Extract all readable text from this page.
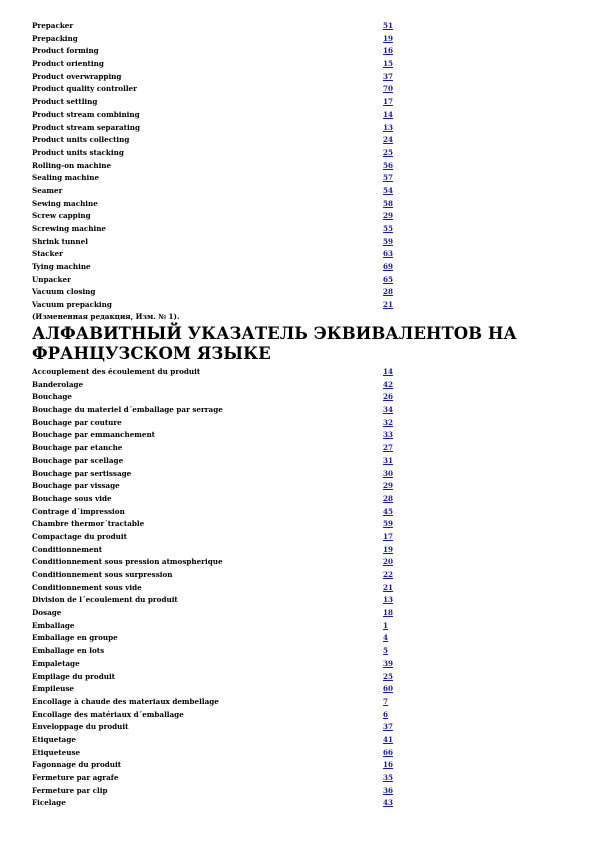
Prepacker	51
Prepacking	19
Product forming	16
Product orienting	15
Product overwrapping	37
Product quality controller	70
Product settling	17
Product stream combining	14
Product stream separating	13
Product units collecting	24
Product units stacking	25
Rolling-on machine	56
Sealing machine	57
Seamer	54
Sewing machine	58
Screw capping	29
Screwing machine	55
Shrink tunnel	59
Stacker	63
Tying machine	69
Unpacker	65
Vacuum closing	28
Vacuum prepacking	21
(Измененная редакция, Изм. № 1).
АЛФАВИТНЫЙ УКАЗАТЕЛЬ ЭКВИВАЛЕНТОВ НА ФРАНЦУЗСКОМ ЯЗЫКЕ
Accouplement des écoulement du produit	14
Banderolage	42
Bouchage	26
Bouchage du materiel d´emballage par serrage	34
Bouchage par couture	32
Bouchage par emmanchement	33
Bouchage par etanche	27
Bouchage par scellage	31
Bouchage par sertissage	30
Bouchage par vissage	29
Bouchage sous vide	28
Contrage d´impression	45
Chambre thermor´tractable	59
Compactage du produit	17
Conditionnement	19
Conditionnement sous pression atmospherique	20
Conditionnement sous surpression	22
Conditionnement sous vide	21
Division de l´ecoulement du produit	13
Dosage	18
Emballage	1
Emballage en groupe	4
Emballage en lots	5
Empaletage	39
Empilage du produit	25
Empileuse	60
Encollage à chaude des materiaux dembellage	7
Encollage des matériaux d´emballage	6
Enveloppage du produit	37
Etiquetage	41
Etiqueteuse	66
Fagonnage du produit	16
Fermeture par agrafe	35
Fermeture par clip	36
Ficelage	43
